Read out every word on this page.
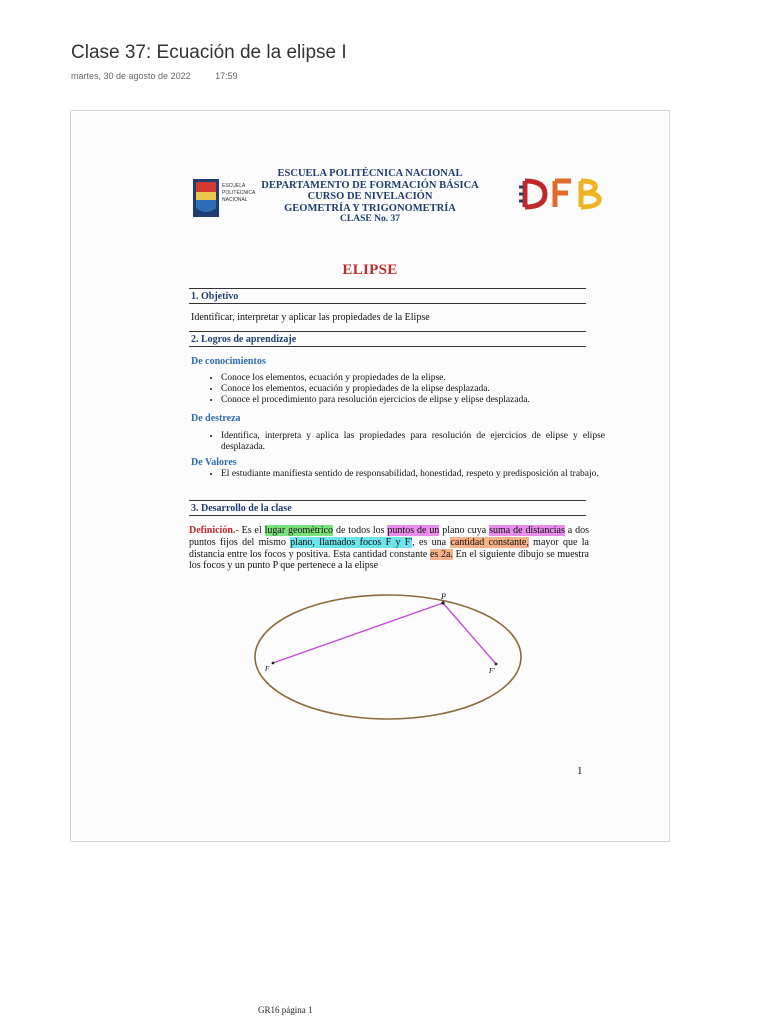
Clase 37: Ecuación de la elipse I
martes, 30 de agosto de 2022	17:59
ESCUELA
POLITÉCNICA
NACIONAL
DFB
ESCUELA POLITÉCNICA NACIONAL
DEPARTAMENTO DE FORMACIÓN BÁSICA
CURSO DE NIVELACIÓN
GEOMETRÍA Y TRIGONOMETRÍA
CLASE No. 37
ELIPSE
1. Objetivo
Identificar, interpretar y aplicar las propiedades de la Elipse
2. Logros de aprendizaje
De conocimientos
• Conoce los elementos, ecuación y propiedades de la elipse.
• Conoce los elementos, ecuación y propiedades de la elipse desplazada.
• Conoce el procedimiento para resolución ejercicios de elipse y elipse desplazada.
De destreza
• Identifica, interpreta y aplica las propiedades para resolución de ejercicios de elipse y elipse desplazada.
De Valores
• El estudiante manifiesta sentido de responsabilidad, honestidad, respeto y predisposición al trabajo.
3. Desarrollo de la clase
Definición.- Es el lugar geométrico de todos los puntos de un plano cuya suma de distancias a dos puntos fijos del mismo plano, llamados focos F y F', es una cantidad constante, mayor que la distancia entre los focos y positiva. Esta cantidad constante es 2a. En el siguiente dibujo se muestra los focos y un punto P que pertenece a la elipse
P
F	F'
1
GR16 página 1
